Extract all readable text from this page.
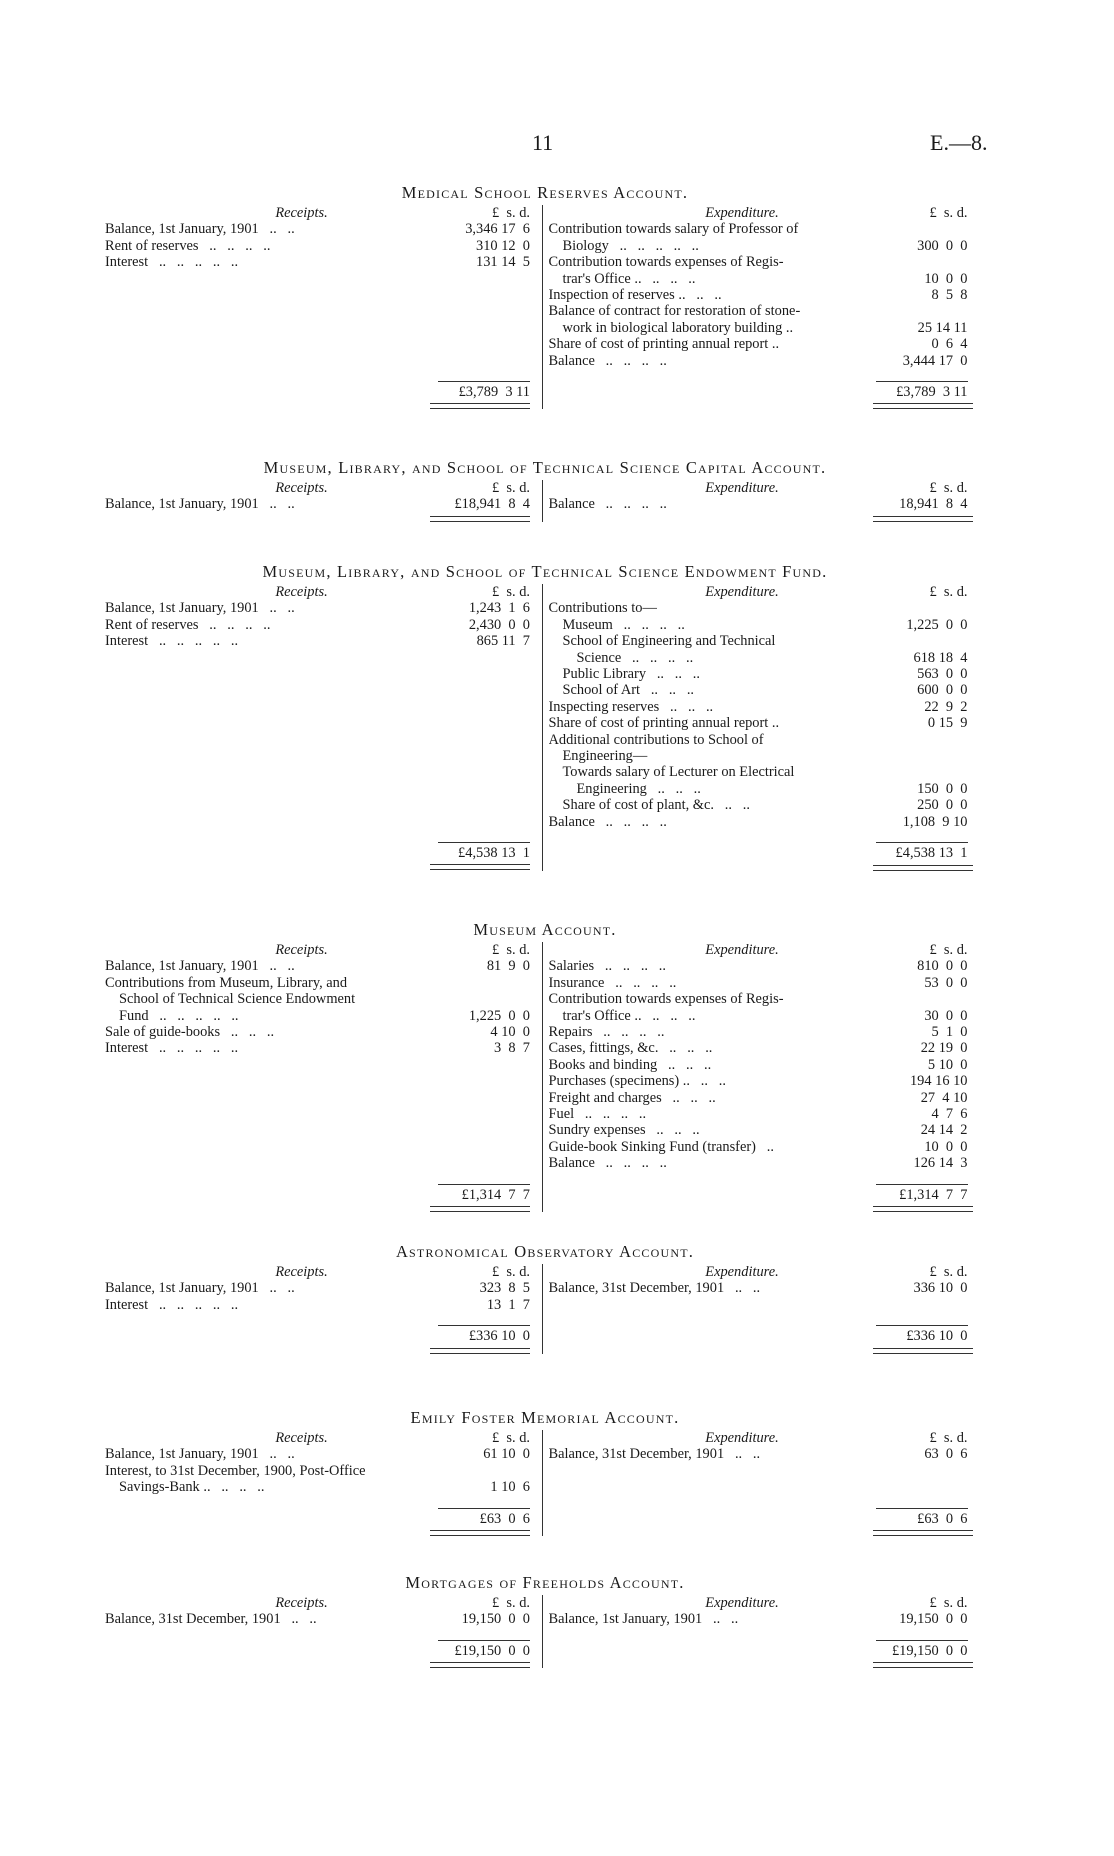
11	E.—8.
Medical School Reserves Account.
Receipts.	£  s. d.
Balance, 1st January, 1901   ..   ..	3,346 17  6
Rent of reserves   ..   ..   ..   ..	310 12  0
Interest   ..   ..   ..   ..   ..	131 14  5
£3,789  3 11
Expenditure.	£  s. d.
Contribution towards salary of Professor of
Biology   ..   ..   ..   ..   ..	300  0  0
Contribution towards expenses of Regis-
trar's Office ..   ..   ..   ..	10  0  0
Inspection of reserves ..   ..   ..	8  5  8
Balance of contract for restoration of stone-
work in biological laboratory building ..	25 14 11
Share of cost of printing annual report ..	0  6  4
Balance   ..   ..   ..   ..	3,444 17  0
£3,789  3 11
Museum, Library, and School of Technical Science Capital Account.
Receipts.	£  s. d.
Balance, 1st January, 1901   ..   ..	£18,941  8  4
Expenditure.	£  s. d.
Balance   ..   ..   ..   ..	18,941  8  4
Museum, Library, and School of Technical Science Endowment Fund.
Receipts.	£  s. d.
Balance, 1st January, 1901   ..   ..	1,243  1  6
Rent of reserves   ..   ..   ..   ..	2,430  0  0
Interest   ..   ..   ..   ..   ..	865 11  7
£4,538 13  1
Expenditure.	£  s. d.
Contributions to—
Museum   ..   ..   ..   ..	1,225  0  0
School of Engineering and Technical
Science   ..   ..   ..   ..	618 18  4
Public Library   ..   ..   ..	563  0  0
School of Art   ..   ..   ..	600  0  0
Inspecting reserves   ..   ..   ..	22  9  2
Share of cost of printing annual report ..	0 15  9
Additional contributions to School of
Engineering—
Towards salary of Lecturer on Electrical
Engineering   ..   ..   ..	150  0  0
Share of cost of plant, &c.   ..   ..	250  0  0
Balance   ..   ..   ..   ..	1,108  9 10
£4,538 13  1
Museum Account.
Receipts.	£  s. d.
Balance, 1st January, 1901   ..   ..	81  9  0
Contributions from Museum, Library, and
School of Technical Science Endowment
Fund   ..   ..   ..   ..   ..	1,225  0  0
Sale of guide-books   ..   ..   ..	4 10  0
Interest   ..   ..   ..   ..   ..	3  8  7
£1,314  7  7
Expenditure.	£  s. d.
Salaries   ..   ..   ..   ..	810  0  0
Insurance   ..   ..   ..   ..	53  0  0
Contribution towards expenses of Regis-
trar's Office ..   ..   ..   ..	30  0  0
Repairs   ..   ..   ..   ..	5  1  0
Cases, fittings, &c.   ..   ..   ..	22 19  0
Books and binding   ..   ..   ..	5 10  0
Purchases (specimens) ..   ..   ..	194 16 10
Freight and charges   ..   ..   ..	27  4 10
Fuel   ..   ..   ..   ..	4  7  6
Sundry expenses   ..   ..   ..	24 14  2
Guide-book Sinking Fund (transfer)   ..	10  0  0
Balance   ..   ..   ..   ..	126 14  3
£1,314  7  7
Astronomical Observatory Account.
Receipts.	£  s. d.
Balance, 1st January, 1901   ..   ..	323  8  5
Interest   ..   ..   ..   ..   ..	13  1  7
£336 10  0
Expenditure.	£  s. d.
Balance, 31st December, 1901   ..   ..	336 10  0
£336 10  0
Emily Foster Memorial Account.
Receipts.	£  s. d.
Balance, 1st January, 1901   ..   ..	61 10  0
Interest, to 31st December, 1900, Post-Office
Savings-Bank ..   ..   ..   ..	1 10  6
£63  0  6
Expenditure.	£  s. d.
Balance, 31st December, 1901   ..   ..	63  0  6
£63  0  6
Mortgages of Freeholds Account.
Receipts.	£  s. d.
Balance, 31st December, 1901   ..   ..	19,150  0  0
£19,150  0  0
Expenditure.	£  s. d.
Balance, 1st January, 1901   ..   ..	19,150  0  0
£19,150  0  0
